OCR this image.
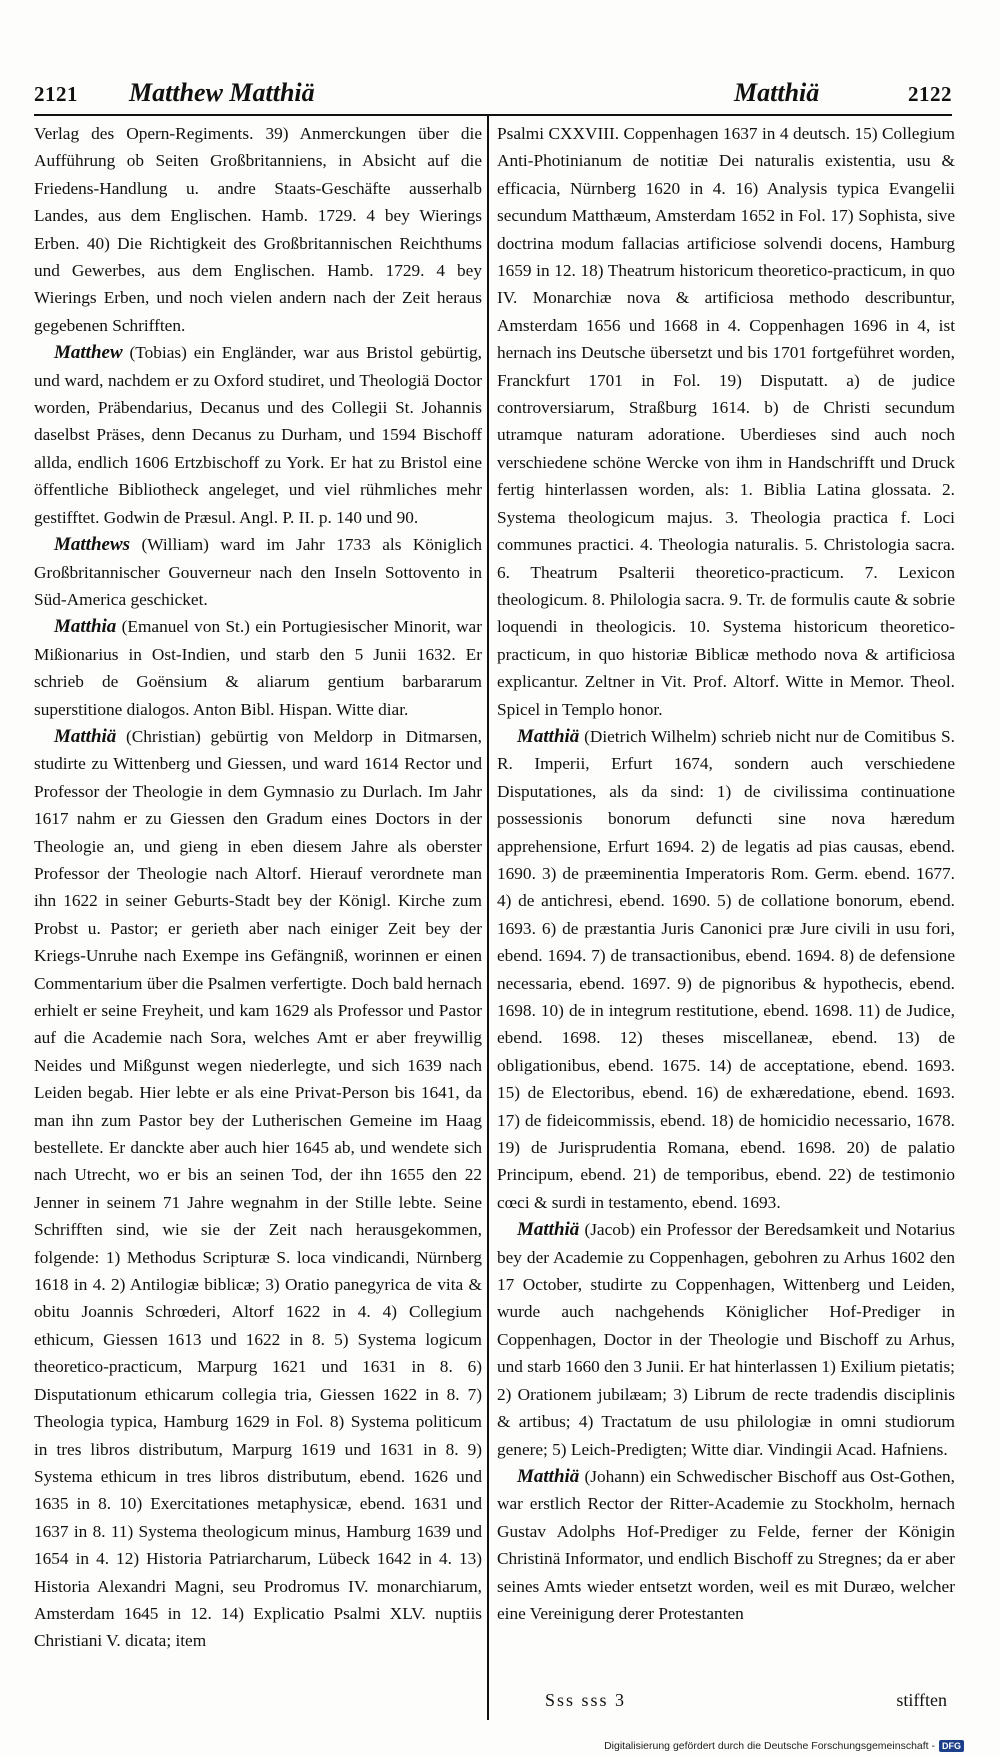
2121 Matthew Matthiä	Matthiä	2122

Verlag des Opern-Regiments. 39) Anmerckungen über die Aufführung ob Seiten Großbritanniens, in Absicht auf die Friedens-Handlung u. andre Staats-Geschäfte ausserhalb Landes, aus dem Englischen. Hamb. 1729. 4 bey Wierings Erben. 40) Die Richtigkeit des Großbritannischen Reichthums und Gewerbes, aus dem Englischen. Hamb. 1729. 4 bey Wierings Erben, und noch vielen andern nach der Zeit heraus gegebenen Schrifften.

Matthew (Tobias) ein Engländer, war aus Bristol gebürtig, und ward, nachdem er zu Oxford studiret, und Theologiä Doctor worden, Präbendarius, Decanus und des Collegii St. Johannis daselbst Präses, denn Decanus zu Durham, und 1594 Bischoff allda, endlich 1606 Ertzbischoff zu York. Er hat zu Bristol eine öffentliche Bibliotheck angeleget, und viel rühmliches mehr gestifftet. Godwin de Præsul. Angl. P. II. p. 140 und 90.

Matthews (William) ward im Jahr 1733 als Königlich Großbritannischer Gouverneur nach den Inseln Sottovento in Süd-America geschicket.

Matthia (Emanuel von St.) ein Portugiesischer Minorit, war Mißionarius in Ost-Indien, und starb den 5 Junii 1632. Er schrieb de Goënsium & aliarum gentium barbararum superstitione dialogos. Anton Bibl. Hispan. Witte diar.

Matthiä (Christian) gebürtig von Meldorp in Ditmarsen, studirte zu Wittenberg und Giessen, und ward 1614 Rector und Professor der Theologie in dem Gymnasio zu Durlach. Im Jahr 1617 nahm er zu Giessen den Gradum eines Doctors in der Theologie an, und gieng in eben diesem Jahre als oberster Professor der Theologie nach Altorf. Hierauf verordnete man ihn 1622 in seiner Geburts-Stadt bey der Königl. Kirche zum Probst u. Pastor; er gerieth aber nach einiger Zeit bey der Kriegs-Unruhe nach Exempe ins Gefängniß, worinnen er einen Commentarium über die Psalmen verfertigte. Doch bald hernach erhielt er seine Freyheit, und kam 1629 als Professor und Pastor auf die Academie nach Sora, welches Amt er aber freywillig Neides und Mißgunst wegen niederlegte, und sich 1639 nach Leiden begab. Hier lebte er als eine Privat-Person bis 1641, da man ihn zum Pastor bey der Lutherischen Gemeine im Haag bestellete. Er danckte aber auch hier 1645 ab, und wendete sich nach Utrecht, wo er bis an seinen Tod, der ihn 1655 den 22 Jenner in seinem 71 Jahre wegnahm in der Stille lebte. Seine Schrifften sind, wie sie der Zeit nach herausgekommen, folgende: 1) Methodus Scripturæ S. loca vindicandi, Nürnberg 1618 in 4. 2) Antilogiæ biblicæ; 3) Oratio panegyrica de vita & obitu Joannis Schrœderi, Altorf 1622 in 4. 4) Collegium ethicum, Giessen 1613 und 1622 in 8. 5) Systema logicum theoretico-practicum, Marpurg 1621 und 1631 in 8. 6) Disputationum ethicarum collegia tria, Giessen 1622 in 8. 7) Theologia typica, Hamburg 1629 in Fol. 8) Systema politicum in tres libros distributum, Marpurg 1619 und 1631 in 8. 9) Systema ethicum in tres libros distributum, ebend. 1626 und 1635 in 8. 10) Exercitationes metaphysicæ, ebend. 1631 und 1637 in 8. 11) Systema theologicum minus, Hamburg 1639 und 1654 in 4. 12) Historia Patriarcharum, Lübeck 1642 in 4. 13) Historia Alexandri Magni, seu Prodromus IV. monarchiarum, Amsterdam 1645 in 12. 14) Explicatio Psalmi XLV. nuptiis Christiani V. dicata; item

Psalmi CXXVIII. Coppenhagen 1637 in 4 deutsch. 15) Collegium Anti-Photinianum de notitiæ Dei naturalis existentia, usu & efficacia, Nürnberg 1620 in 4. 16) Analysis typica Evangelii secundum Matthæum, Amsterdam 1652 in Fol. 17) Sophista, sive doctrina modum fallacias artificiose solvendi docens, Hamburg 1659 in 12. 18) Theatrum historicum theoretico-practicum, in quo IV. Monarchiæ nova & artificiosa methodo describuntur, Amsterdam 1656 und 1668 in 4. Coppenhagen 1696 in 4, ist hernach ins Deutsche übersetzt und bis 1701 fortgeführet worden, Franckfurt 1701 in Fol. 19) Disputatt. a) de judice controversiarum, Straßburg 1614. b) de Christi secundum utramque naturam adoratione. Uberdieses sind auch noch verschiedene schöne Wercke von ihm in Handschrifft und Druck fertig hinterlassen worden, als: 1. Biblia Latina glossata. 2. Systema theologicum majus. 3. Theologia practica f. Loci communes practici. 4. Theologia naturalis. 5. Christologia sacra. 6. Theatrum Psalterii theoretico-practicum. 7. Lexicon theologicum. 8. Philologia sacra. 9. Tr. de formulis caute & sobrie loquendi in theologicis. 10. Systema historicum theoretico-practicum, in quo historiæ Biblicæ methodo nova & artificiosa explicantur. Zeltner in Vit. Prof. Altorf. Witte in Memor. Theol. Spicel in Templo honor.

Matthiä (Dietrich Wilhelm) schrieb nicht nur de Comitibus S. R. Imperii, Erfurt 1674, sondern auch verschiedene Disputationes, als da sind: 1) de civilissima continuatione possessionis bonorum defuncti sine nova hæredum apprehensione, Erfurt 1694. 2) de legatis ad pias causas, ebend. 1690. 3) de præeminentia Imperatoris Rom. Germ. ebend. 1677. 4) de antichresi, ebend. 1690. 5) de collatione bonorum, ebend. 1693. 6) de præstantia Juris Canonici præ Jure civili in usu fori, ebend. 1694. 7) de transactionibus, ebend. 1694. 8) de defensione necessaria, ebend. 1697. 9) de pignoribus & hypothecis, ebend. 1698. 10) de in integrum restitutione, ebend. 1698. 11) de Judice, ebend. 1698. 12) theses miscellaneæ, ebend. 13) de obligationibus, ebend. 1675. 14) de acceptatione, ebend. 1693. 15) de Electoribus, ebend. 16) de exhæredatione, ebend. 1693. 17) de fideicommissis, ebend. 18) de homicidio necessario, 1678. 19) de Jurisprudentia Romana, ebend. 1698. 20) de palatio Principum, ebend. 21) de temporibus, ebend. 22) de testimonio cœci & surdi in testamento, ebend. 1693.

Matthiä (Jacob) ein Professor der Beredsamkeit und Notarius bey der Academie zu Coppenhagen, gebohren zu Arhus 1602 den 17 October, studirte zu Coppenhagen, Wittenberg und Leiden, wurde auch nachgehends Königlicher Hof-Prediger in Coppenhagen, Doctor in der Theologie und Bischoff zu Arhus, und starb 1660 den 3 Junii. Er hat hinterlassen 1) Exilium pietatis; 2) Orationem jubilæam; 3) Librum de recte tradendis disciplinis & artibus; 4) Tractatum de usu philologiæ in omni studiorum genere; 5) Leich-Predigten; Witte diar. Vindingii Acad. Hafniens.

Matthiä (Johann) ein Schwedischer Bischoff aus Ost-Gothen, war erstlich Rector der Ritter-Academie zu Stockholm, hernach Gustav Adolphs Hof-Prediger zu Felde, ferner der Königin Christinä Informator, und endlich Bischoff zu Stregnes; da er aber seines Amts wieder entsetzt worden, weil es mit Duræo, welcher eine Vereinigung derer Protestanten

Sss sss 3	stifften
Digitalisierung gefördert durch die Deutsche Forschungsgemeinschaft - DFG
